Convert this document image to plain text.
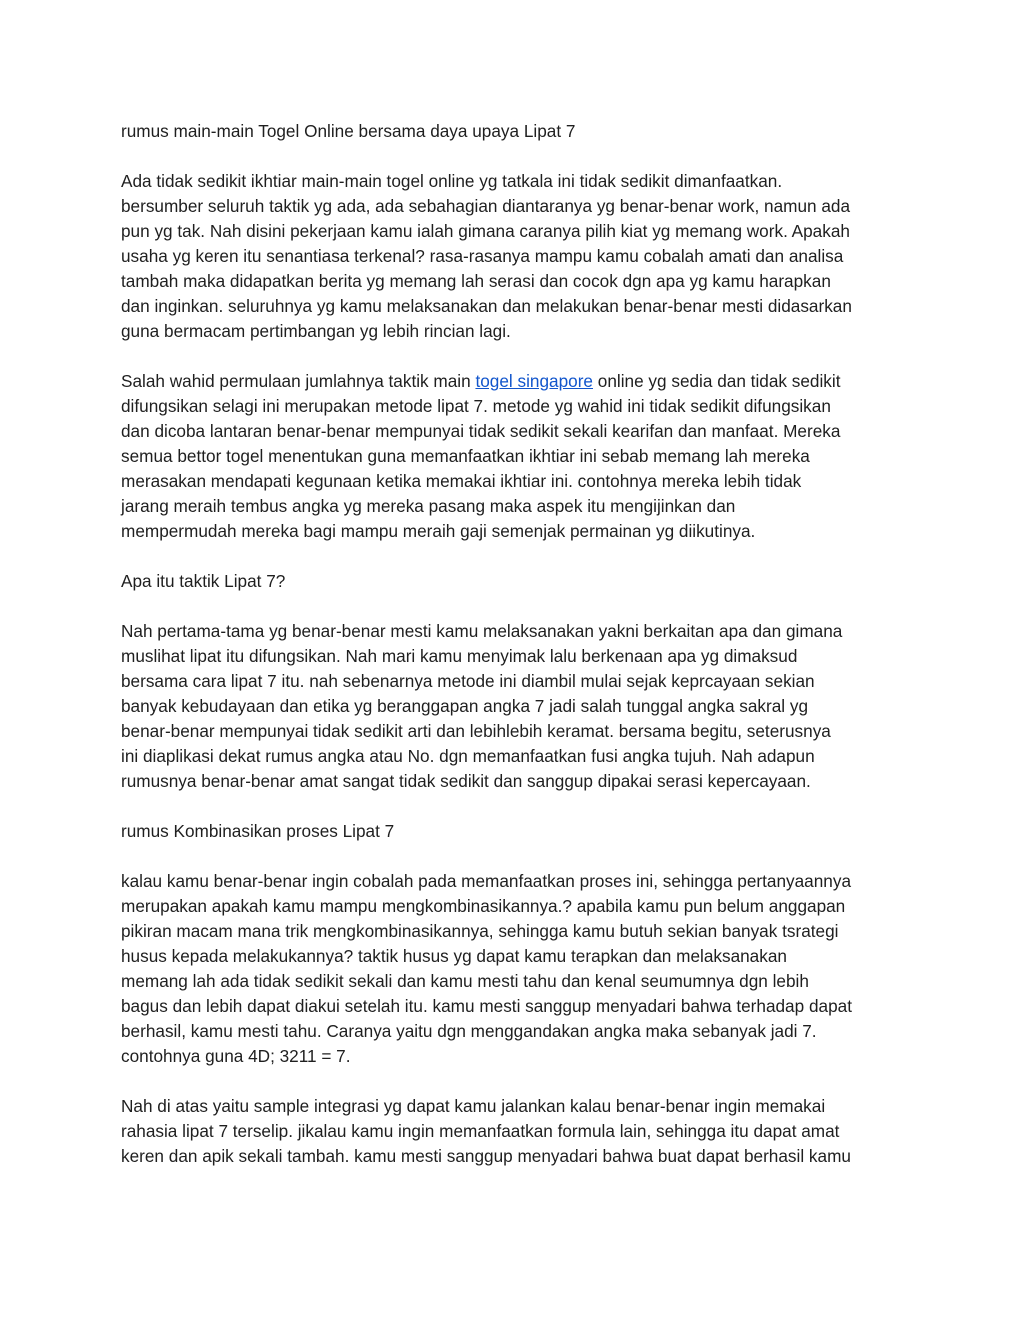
rumus main-main Togel Online bersama daya upaya Lipat 7

Ada tidak sedikit ikhtiar main-main togel online yg tatkala ini tidak sedikit dimanfaatkan.
bersumber seluruh taktik yg ada, ada sebahagian diantaranya yg benar-benar work, namun ada
pun yg tak. Nah disini pekerjaan kamu ialah gimana caranya pilih kiat yg memang work. Apakah
usaha yg keren itu senantiasa terkenal? rasa-rasanya mampu kamu cobalah amati dan analisa
tambah maka didapatkan berita yg memang lah serasi dan cocok dgn apa yg kamu harapkan
dan inginkan. seluruhnya yg kamu melaksanakan dan melakukan benar-benar mesti didasarkan
guna bermacam pertimbangan yg lebih rincian lagi.

Salah wahid permulaan jumlahnya taktik main togel singapore online yg sedia dan tidak sedikit
difungsikan selagi ini merupakan metode lipat 7. metode yg wahid ini tidak sedikit difungsikan
dan dicoba lantaran benar-benar mempunyai tidak sedikit sekali kearifan dan manfaat. Mereka
semua bettor togel menentukan guna memanfaatkan ikhtiar ini sebab memang lah mereka
merasakan mendapati kegunaan ketika memakai ikhtiar ini. contohnya mereka lebih tidak
jarang meraih tembus angka yg mereka pasang maka aspek itu mengijinkan dan
mempermudah mereka bagi mampu meraih gaji semenjak permainan yg diikutinya.

Apa itu taktik Lipat 7?

Nah pertama-tama yg benar-benar mesti kamu melaksanakan yakni berkaitan apa dan gimana
muslihat lipat itu difungsikan. Nah mari kamu menyimak lalu berkenaan apa yg dimaksud
bersama cara lipat 7 itu. nah sebenarnya metode ini diambil mulai sejak keprcayaan sekian
banyak kebudayaan dan etika yg beranggapan angka 7 jadi salah tunggal angka sakral yg
benar-benar mempunyai tidak sedikit arti dan lebihlebih keramat. bersama begitu, seterusnya
ini diaplikasi dekat rumus angka atau No. dgn memanfaatkan fusi angka tujuh. Nah adapun
rumusnya benar-benar amat sangat tidak sedikit dan sanggup dipakai serasi kepercayaan.

rumus Kombinasikan proses Lipat 7

kalau kamu benar-benar ingin cobalah pada memanfaatkan proses ini, sehingga pertanyaannya
merupakan apakah kamu mampu mengkombinasikannya.? apabila kamu pun belum anggapan
pikiran macam mana trik mengkombinasikannya, sehingga kamu butuh sekian banyak tsrategi
husus kepada melakukannya? taktik husus yg dapat kamu terapkan dan melaksanakan
memang lah ada tidak sedikit sekali dan kamu mesti tahu dan kenal seumumnya dgn lebih
bagus dan lebih dapat diakui setelah itu. kamu mesti sanggup menyadari bahwa terhadap dapat
berhasil, kamu mesti tahu. Caranya yaitu dgn menggandakan angka maka sebanyak jadi 7.
contohnya guna 4D; 3211 = 7.

Nah di atas yaitu sample integrasi yg dapat kamu jalankan kalau benar-benar ingin memakai
rahasia lipat 7 terselip. jikalau kamu ingin memanfaatkan formula lain, sehingga itu dapat amat
keren dan apik sekali tambah. kamu mesti sanggup menyadari bahwa buat dapat berhasil kamu
